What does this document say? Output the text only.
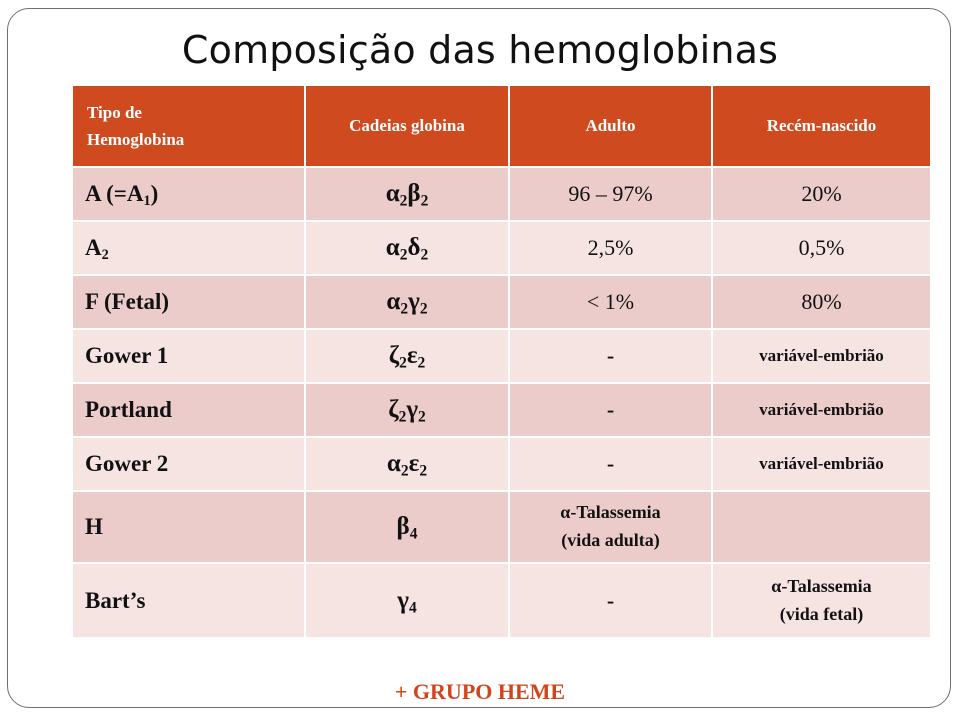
Composição das hemoglobinas
Tipo de
Hemoglobina	Cadeias globina	Adulto	Recém-nascido
A $(=A_1)$	$\alpha_2\beta_2$	96 – 97%	20%
$A_2$	$\alpha_2\delta_2$	2,5%	0,5%
F (Fetal)	$\alpha_2\gamma_2$	< 1%	80%
Gower 1	$\zeta_2\varepsilon_2$	-	variável-embrião
Portland	$\zeta_2\gamma_2$	-	variável-embrião
Gower 2	$\alpha_2\varepsilon_2$	-	variável-embrião
H	$\beta_4$	α-Talassemia
(vida adulta)	
Bart’s	$\gamma_4$	-	α-Talassemia
(vida fetal)
+ GRUPO HEME
